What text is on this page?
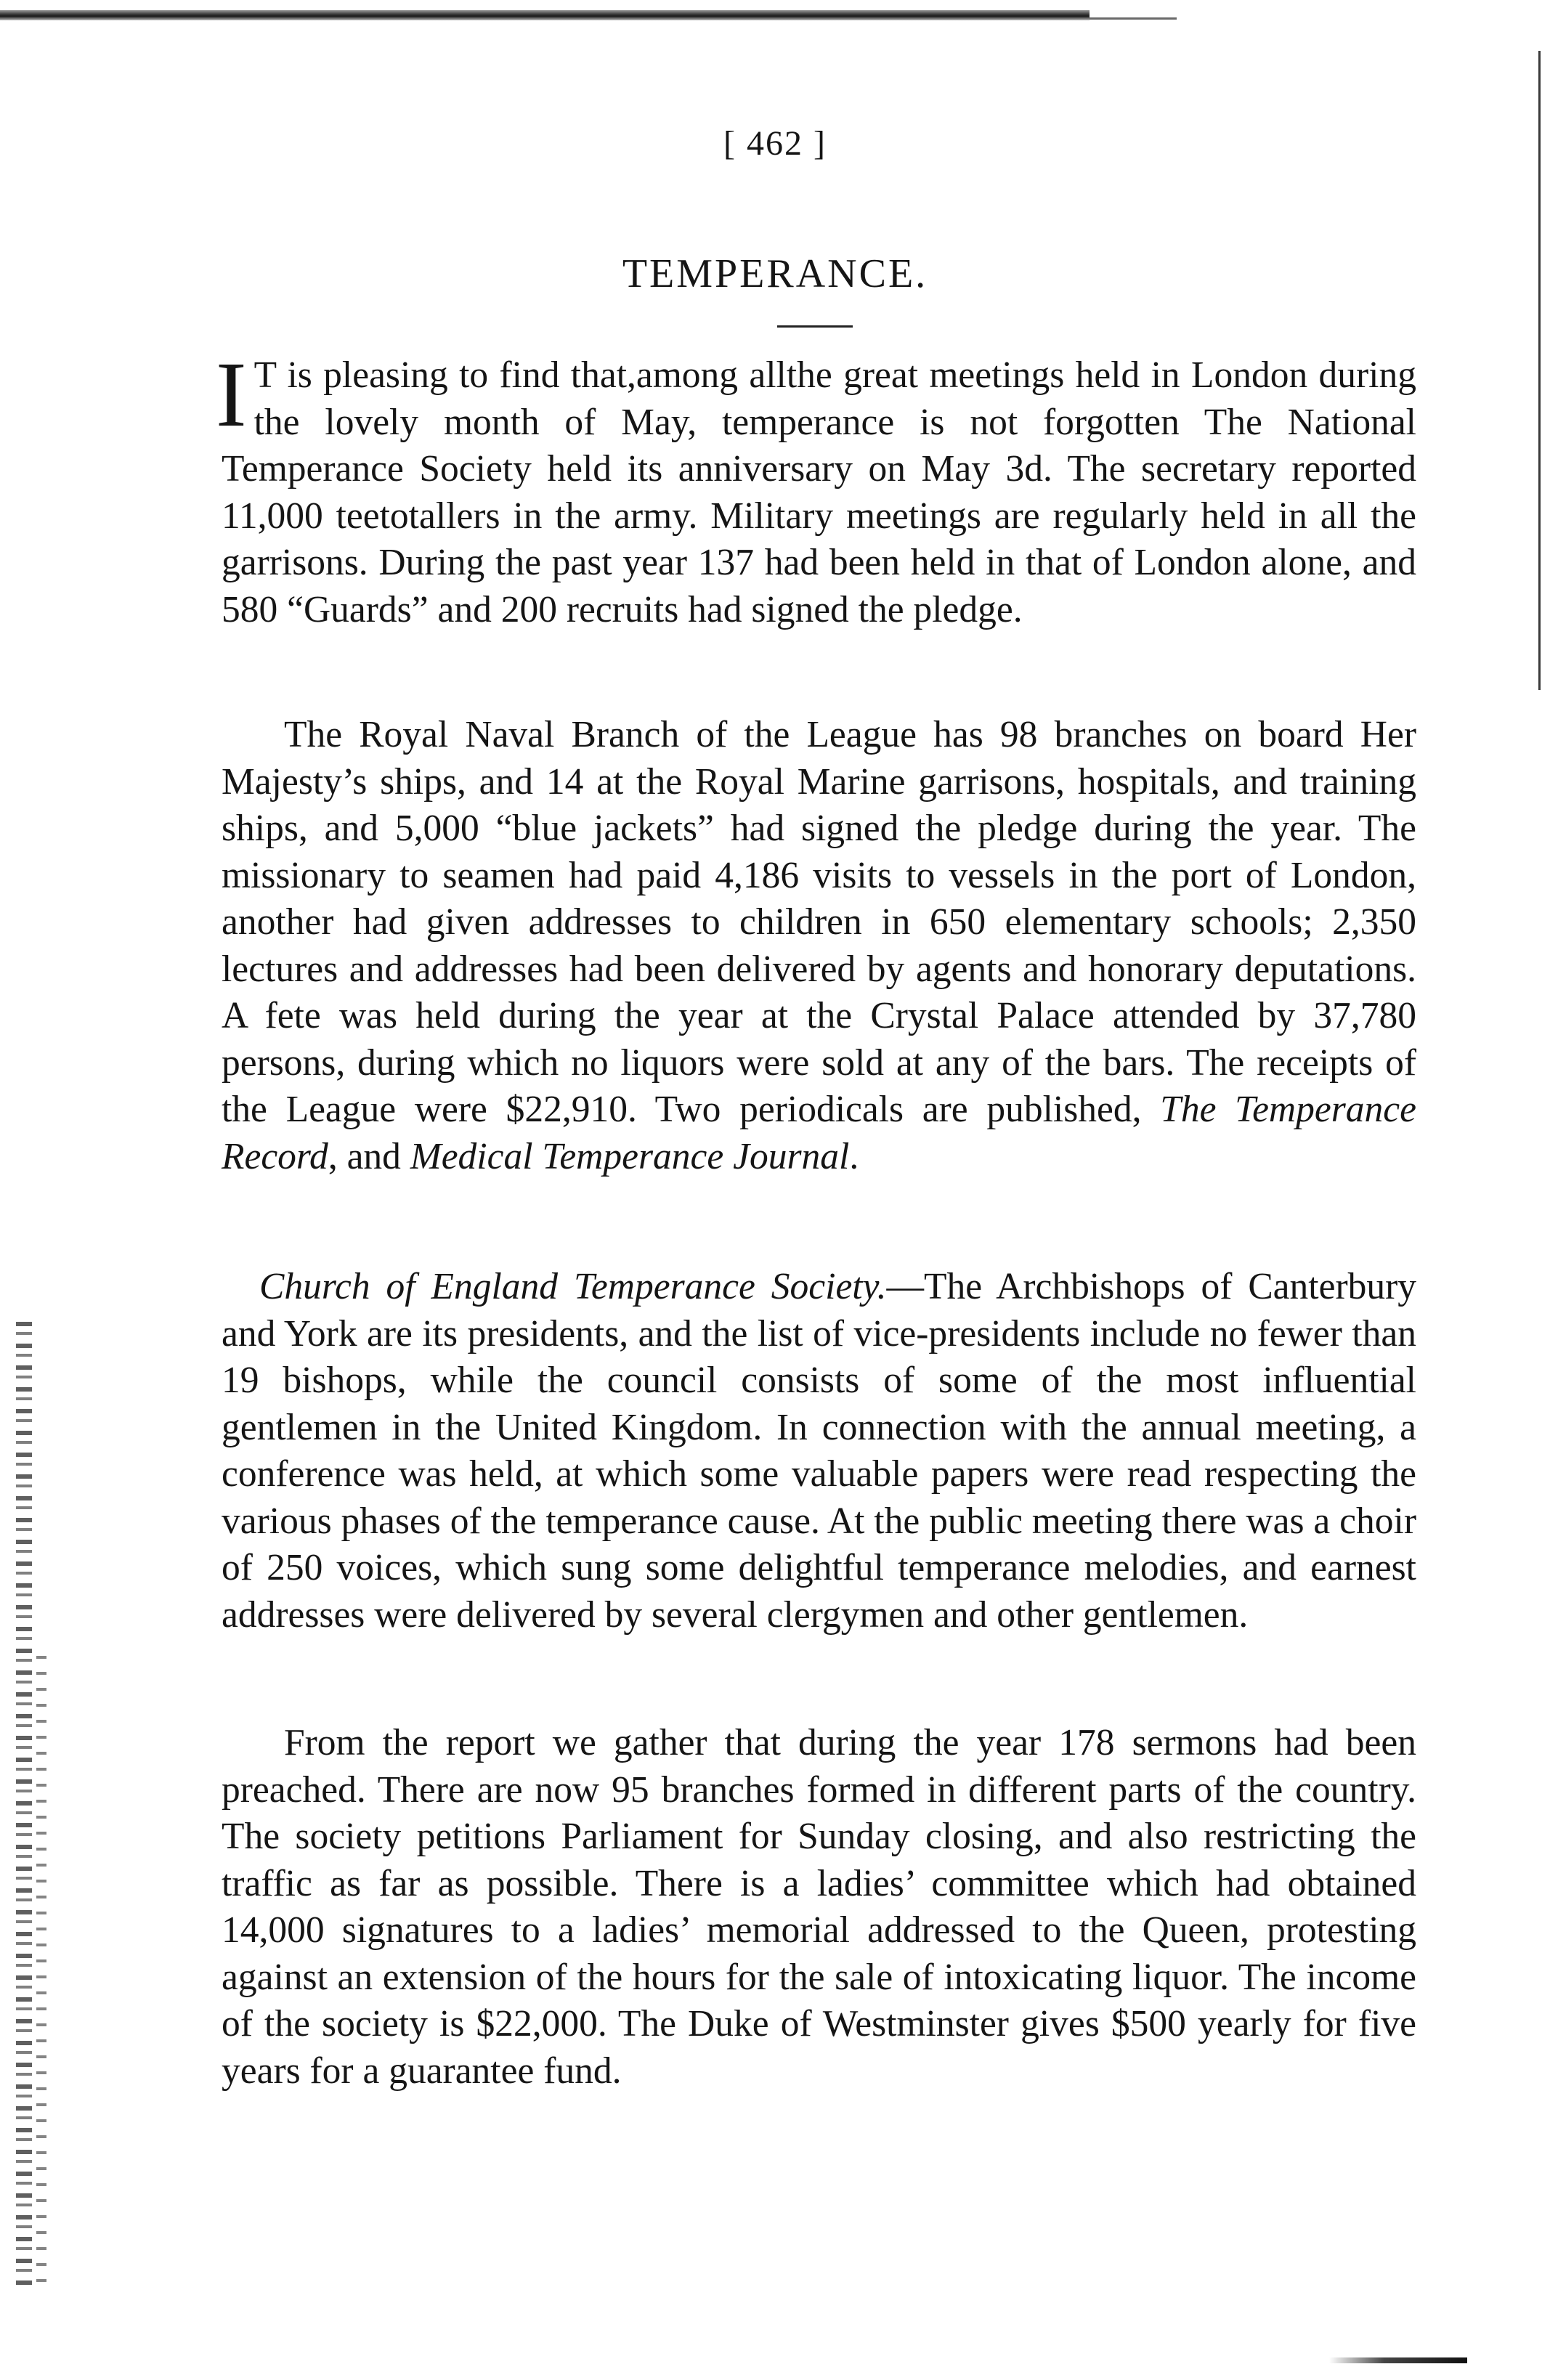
[ 462 ]
TEMPERANCE.

I T is pleasing to find that,among allthe great meetings held in London during the lovely month of May, temperance is not forgotten The National Temperance Society held its anniversary on May 3d. The secretary reported 11,000 teetotallers in the army. Military meetings are regularly held in all the garrisons. During the past year 137 had been held in that of London alone, and 580 “Guards” and 200 recruits had signed the pledge.

The Royal Naval Branch of the League has 98 branches on board Her Majesty’s ships, and 14 at the Royal Marine garrisons, hospitals, and training ships, and 5,000 “blue jackets” had signed the pledge during the year. The missionary to seamen had paid 4,186 visits to vessels in the port of London, another had given addresses to children in 650 elementary schools; 2,350 lectures and addresses had been delivered by agents and honorary deputations. A fete was held during the year at the Crystal Palace attended by 37,780 persons, during which no liquors were sold at any of the bars. The receipts of the League were $22,910. Two periodicals are published, The Temperance Record, and Medical Temperance Journal.

Church of England Temperance Society.—The Archbishops of Canterbury and York are its presidents, and the list of vice-presidents include no fewer than 19 bishops, while the council consists of some of the most influential gentlemen in the United Kingdom. In connection with the annual meeting, a conference was held, at which some valuable papers were read respecting the various phases of the temperance cause. At the public meeting there was a choir of 250 voices, which sung some delightful temperance melodies, and earnest addresses were delivered by several clergymen and other gentlemen.

From the report we gather that during the year 178 sermons had been preached. There are now 95 branches formed in different parts of the country. The society petitions Parliament for Sunday closing, and also restricting the traffic as far as possible. There is a ladies’ committee which had obtained 14,000 signatures to a ladies’ memorial addressed to the Queen, protesting against an extension of the hours for the sale of intoxicating liquor. The income of the society is $22,000. The Duke of Westminster gives $500 yearly for five years for a guarantee fund.
